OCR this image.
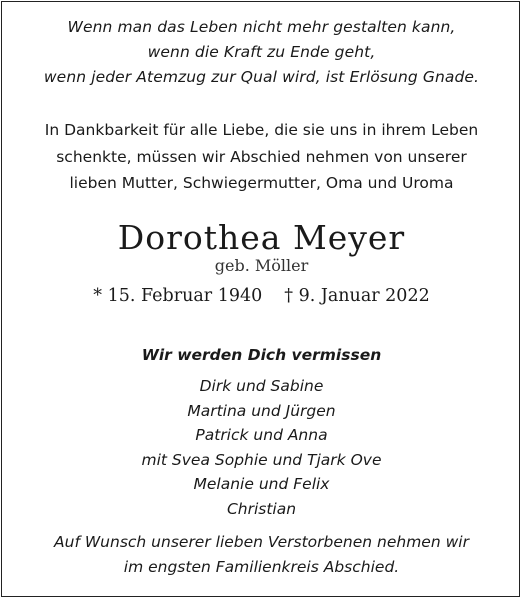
Wenn man das Leben nicht mehr gestalten kann,
wenn die Kraft zu Ende geht,
wenn jeder Atemzug zur Qual wird, ist Erlösung Gnade.
In Dankbarkeit für alle Liebe, die sie uns in ihrem Leben
schenkte, müssen wir Abschied nehmen von unserer
lieben Mutter, Schwiegermutter, Oma und Uroma
Dorothea Meyer
geb. Möller
* 15. Februar 1940 † 9. Januar 2022
Wir werden Dich vermissen
Dirk und Sabine
Martina und Jürgen
Patrick und Anna
mit Svea Sophie und Tjark Ove
Melanie und Felix
Christian
Auf Wunsch unserer lieben Verstorbenen nehmen wir
im engsten Familienkreis Abschied.
